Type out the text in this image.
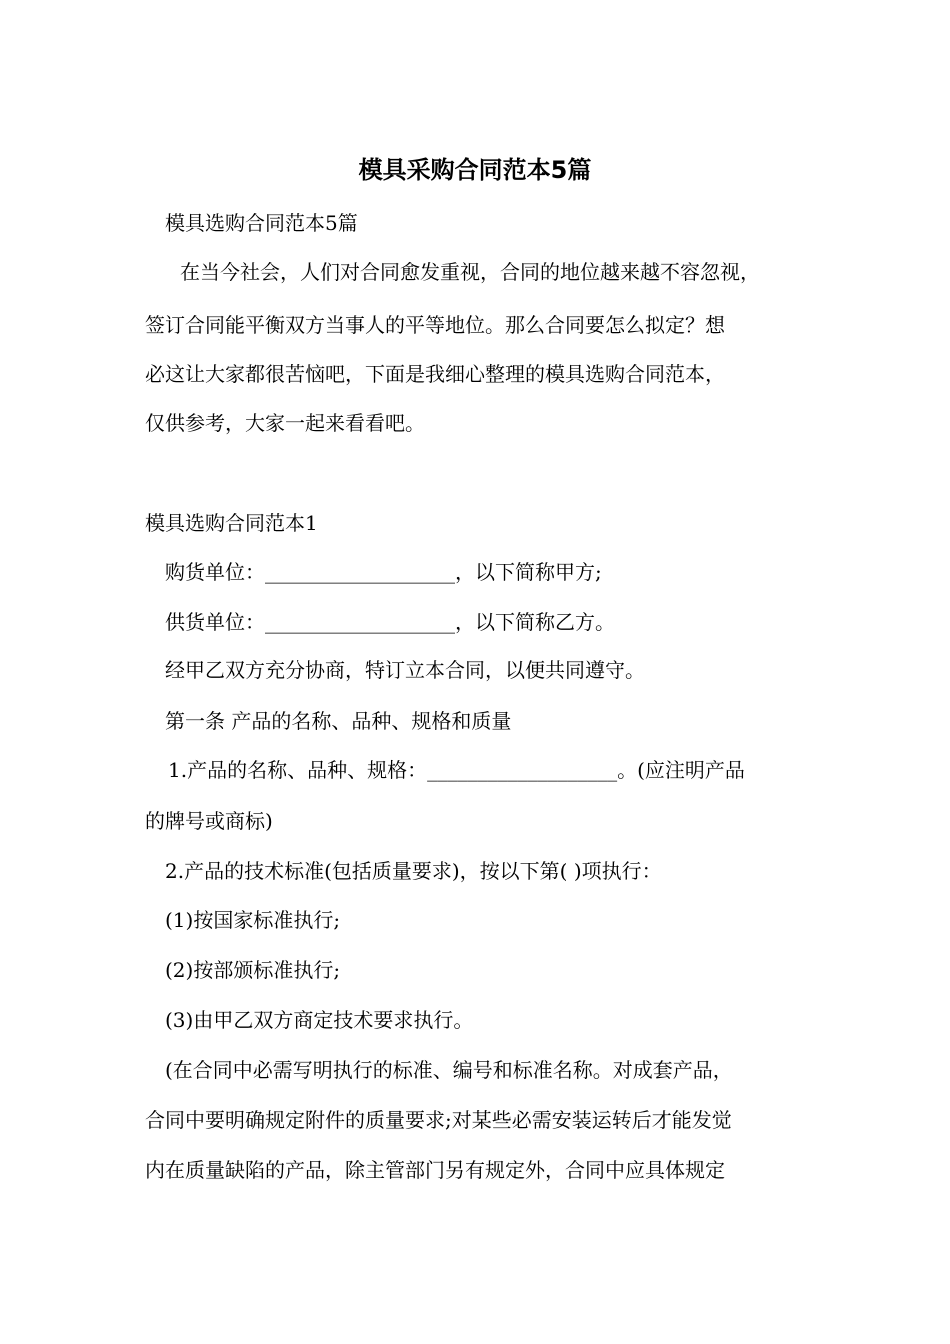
模具采购合同范本5篇
模具选购合同范本5篇
在当今社会，人们对合同愈发重视，合同的地位越来越不容忽视，
签订合同能平衡双方当事人的平等地位。那么合同要怎么拟定？想
必这让大家都很苦恼吧，下面是我细心整理的模具选购合同范本，
仅供参考，大家一起来看看吧。
模具选购合同范本1
购货单位：___________________，以下简称甲方;
供货单位：___________________，以下简称乙方。
经甲乙双方充分协商，特订立本合同，以便共同遵守。
第一条 产品的名称、品种、规格和质量
1.产品的名称、品种、规格：___________________。(应注明产品
的牌号或商标)
2.产品的技术标准(包括质量要求)，按以下第( )项执行：
(1)按国家标准执行;
(2)按部颁标准执行;
(3)由甲乙双方商定技术要求执行。
(在合同中必需写明执行的标准、编号和标准名称。对成套产品，
合同中要明确规定附件的质量要求;对某些必需安装运转后才能发觉
内在质量缺陷的产品，除主管部门另有规定外，合同中应具体规定
